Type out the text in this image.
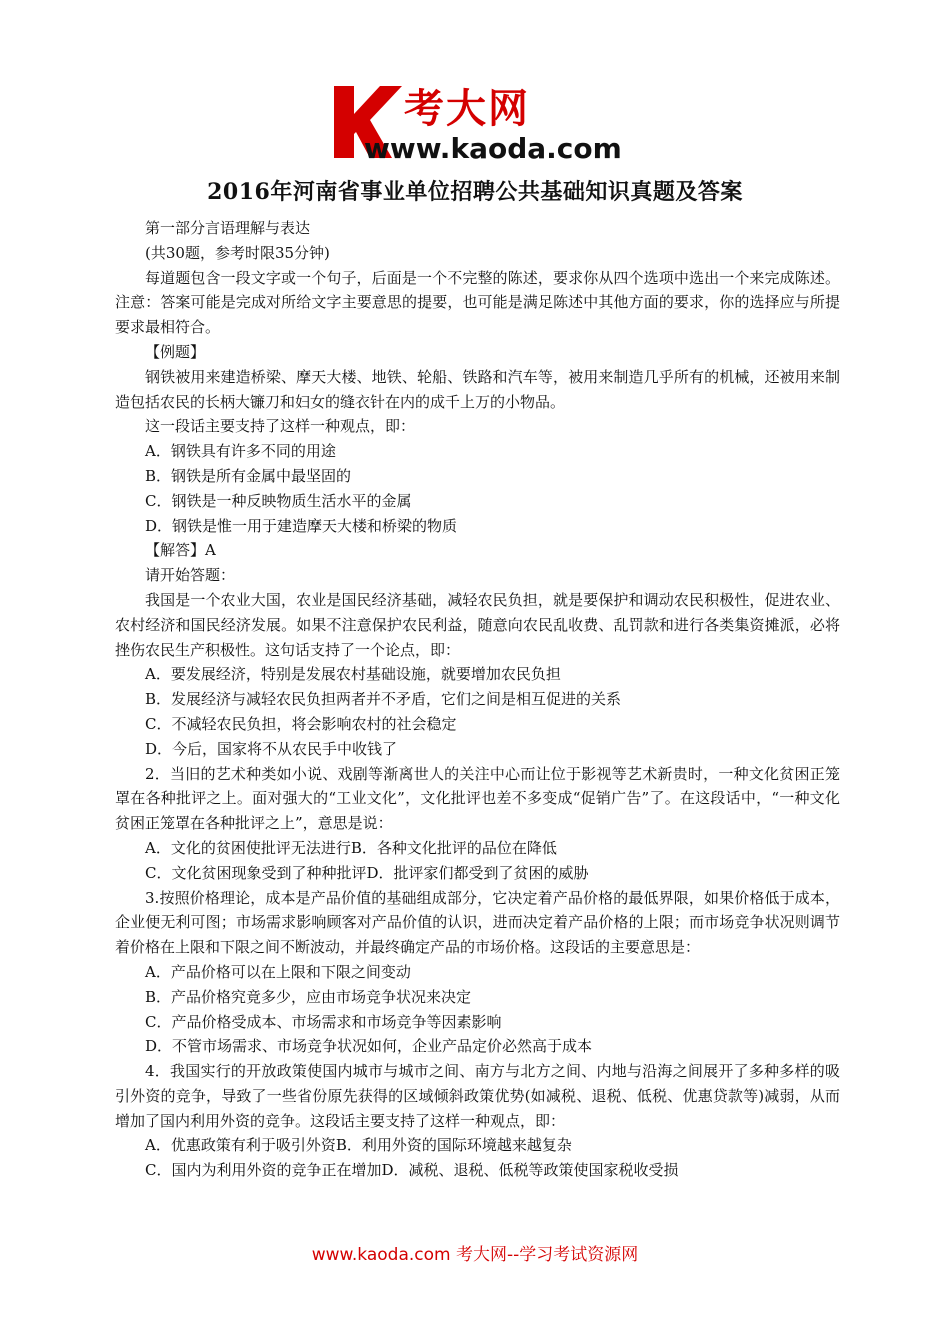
考大网
www.kaoda.com
2016年河南省事业单位招聘公共基础知识真题及答案

第一部分言语理解与表达

(共30题，参考时限35分钟)

每道题包含一段文字或一个句子，后面是一个不完整的陈述，要求你从四个选项中选出一个来完成陈述。注意：答案可能是完成对所给文字主要意思的提要，也可能是满足陈述中其他方面的要求，你的选择应与所提要求最相符合。

【例题】

钢铁被用来建造桥梁、摩天大楼、地铁、轮船、铁路和汽车等，被用来制造几乎所有的机械，还被用来制造包括农民的长柄大镰刀和妇女的缝衣针在内的成千上万的小物品。

这一段话主要支持了这样一种观点，即：

A．钢铁具有许多不同的用途

B．钢铁是所有金属中最坚固的

C．钢铁是一种反映物质生活水平的金属

D．钢铁是惟一用于建造摩天大楼和桥梁的物质

【解答】A

请开始答题：

我国是一个农业大国，农业是国民经济基础，减轻农民负担，就是要保护和调动农民积极性，促进农业、农村经济和国民经济发展。如果不注意保护农民利益，随意向农民乱收费、乱罚款和进行各类集资摊派，必将挫伤农民生产积极性。这句话支持了一个论点，即：

A．要发展经济，特别是发展农村基础设施，就要增加农民负担

B．发展经济与减轻农民负担两者并不矛盾，它们之间是相互促进的关系

C．不减轻农民负担，将会影响农村的社会稳定

D．今后，国家将不从农民手中收钱了

2．当旧的艺术种类如小说、戏剧等渐离世人的关注中心而让位于影视等艺术新贵时，一种文化贫困正笼罩在各种批评之上。面对强大的“工业文化”，文化批评也差不多变成“促销广告”了。在这段话中，“一种文化贫困正笼罩在各种批评之上”，意思是说：

A．文化的贫困使批评无法进行B．各种文化批评的品位在降低

C．文化贫困现象受到了种种批评D．批评家们都受到了贫困的威胁

3.按照价格理论，成本是产品价值的基础组成部分，它决定着产品价格的最低界限，如果价格低于成本，企业便无利可图；市场需求影响顾客对产品价值的认识，进而决定着产品价格的上限；而市场竞争状况则调节着价格在上限和下限之间不断波动，并最终确定产品的市场价格。这段话的主要意思是：

A．产品价格可以在上限和下限之间变动

B．产品价格究竟多少，应由市场竞争状况来决定

C．产品价格受成本、市场需求和市场竞争等因素影响

D．不管市场需求、市场竞争状况如何，企业产品定价必然高于成本

4．我国实行的开放政策使国内城市与城市之间、南方与北方之间、内地与沿海之间展开了多种多样的吸引外资的竞争，导致了一些省份原先获得的区域倾斜政策优势(如减税、退税、低税、优惠贷款等)减弱，从而增加了国内利用外资的竞争。这段话主要支持了这样一种观点，即：

A．优惠政策有利于吸引外资B．利用外资的国际环境越来越复杂

C．国内为利用外资的竞争正在增加D．减税、退税、低税等政策使国家税收受损

www.kaoda.com 考大网--学习考试资源网
